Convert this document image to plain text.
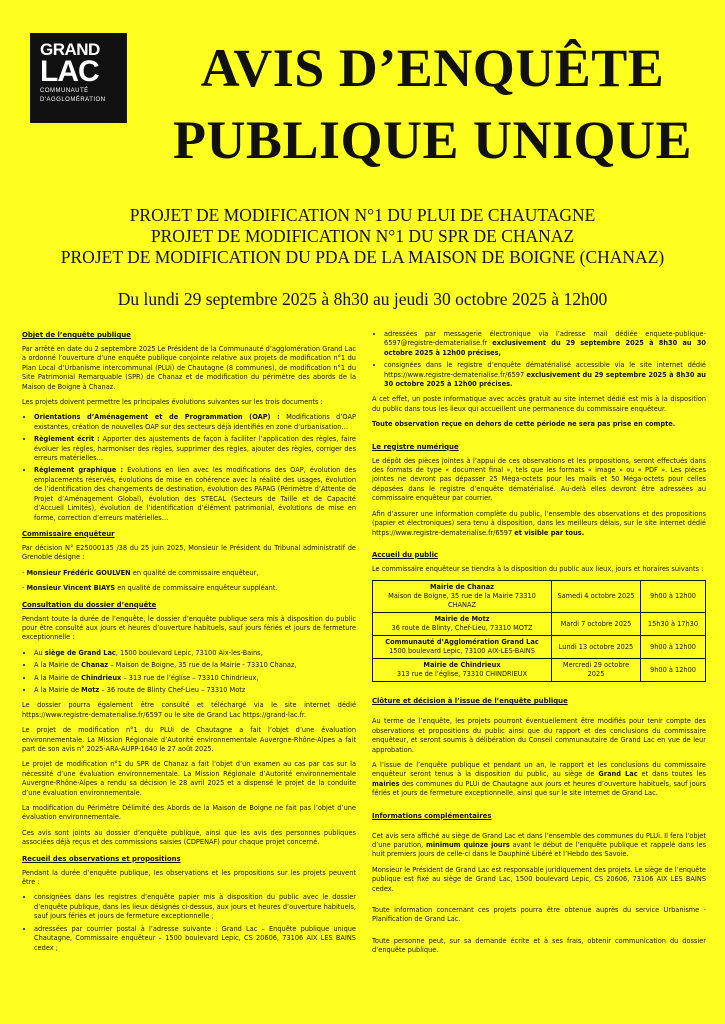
GRAND
LAC
COMMUNAUTÉ
D'AGGLOMÉRATION
AVIS D’ENQUÊTE
PUBLIQUE UNIQUE
PROJET DE MODIFICATION N°1 DU PLUI DE CHAUTAGNE
PROJET DE MODIFICATION N°1 DU SPR DE CHANAZ
PROJET DE MODIFICATION DU PDA DE LA MAISON DE BOIGNE (CHANAZ)
Du lundi 29 septembre 2025 à 8h30 au jeudi 30 octobre 2025 à 12h00
Objet de l’enquête publique

Par arrêté en date du 2 septembre 2025 Le Président de la Communauté d’agglomération Grand Lac a ordonné l’ouverture d’une enquête publique conjointe relative aux projets de modification n°1 du Plan Local d’Urbanisme intercommunal (PLUi) de Chautagne (8 communes), de modification n°1 du Site Patrimonial Remarquable (SPR) de Chanaz et de modification du périmètre des abords de la Maison de Boigne à Chanaz.

Les projets doivent permettre les principales évolutions suivantes sur les trois documents :

• Orientations d’Aménagement et de Programmation (OAP) : Modifications d’OAP existantes, création de nouvelles OAP sur des secteurs déjà identifiés en zone d’urbanisation…
• Règlement écrit : Apporter des ajustements de façon à faciliter l’application des règles, faire évoluer les règles, harmoniser des règles, supprimer des règles, ajouter des règles, corriger des erreurs matérielles…
• Règlement graphique : Évolutions en lien avec les modifications des OAP, évolution des emplacements réservés, évolutions de mise en cohérence avec la réalité des usages, évolution de l’identification des changements de destination, évolution des PAPAG (Périmètre d’Attente de Projet d’Aménagement Global), évolution des STECAL (Secteurs de Taille et de Capacité d’Accueil Limités), évolution de l’identification d’élément patrimonial, évolutions de mise en forme, correction d’erreurs matérielles…
Commissaire enquêteur

Par décision N° E25000135 /38 du 25 juin 2025, Monsieur le Président du Tribunal administratif de Grenoble désigne :

- Monsieur Frédéric GOULVEN en qualité de commissaire enquêteur,

- Monsieur Vincent BIAYS en qualité de commissaire enquêteur suppléant.

Consultation du dossier d’enquête

Pendant toute la durée de l’enquête, le dossier d’enquête publique sera mis à disposition du public pour être consulté aux jours et heures d’ouverture habituels, sauf jours fériés et jours de fermeture exceptionnelle :

• Au siège de Grand Lac, 1500 boulevard Lepic, 73100 Aix-les-Bains,
• A la Mairie de Chanaz – Maison de Boigne, 35 rue de la Mairie - 73310 Chanaz,
• A la Mairie de Chindrieux – 313 rue de l’église – 73310 Chindrieux,
• A la Mairie de Motz – 36 route de Blinty Chef-Lieu – 73310 Motz

Le dossier pourra également être consulté et téléchargé via le site internet dédié https://www.registre-dematerialise.fr/6597 ou le site de Grand Lac https://grand-lac.fr.

Le projet de modification n°1 du PLUi de Chautagne a fait l’objet d’une évaluation environnementale. La Mission Régionale d’Autorité environnementale Auvergne-Rhône-Alpes a fait part de son avis n° 2025-ARA-AUPP-1640 le 27 août 2025.

Le projet de modification n°1 du SPR de Chanaz a fait l’objet d’un examen au cas par cas sur la nécessité d’une évaluation environnementale. La Mission Régionale d’Autorité environnementale Auvergne-Rhône-Alpes a rendu sa décision le 28 avril 2025 et a dispensé le projet de la conduite d’une évaluation environnementale.

La modification du Périmètre Délimité des Abords de la Maison de Boigne ne fait pas l’objet d’une évaluation environnementale.

Ces avis sont joints au dossier d’enquête publique, ainsi que les avis des personnes publiques associées déjà reçus et des commissions saisies (CDPENAF) pour chaque projet concerné.

Recueil des observations et propositions

Pendant la durée d’enquête publique, les observations et les propositions sur les projets peuvent être :

• consignées dans les registres d’enquête papier mis à disposition du public avec le dossier d’enquête publique, dans les lieux désignés ci-dessus, aux jours et heures d’ouverture habituels, sauf jours fériés et jours de fermeture exceptionnelle ;
• adressées par courrier postal à l’adresse suivante : Grand Lac – Enquête publique unique Chautagne, Commissaire enquêteur – 1500 boulevard Lepic, CS 20606, 73106 AIX LES BAINS cedex ;
• adressées par messagerie électronique via l’adresse mail dédiée enquete-publique-6597@registre-dematerialise.fr exclusivement du 29 septembre 2025 à 8h30 au 30 octobre 2025 à 12h00 précises,
• consignées dans le registre d’enquête dématérialisé accessible via le site internet dédié https://www.registre-dematerialise.fr/6597 exclusivement du 29 septembre 2025 à 8h30 au 30 octobre 2025 à 12h00 précises.

A cet effet, un poste informatique avec accès gratuit au site internet dédié est mis à la disposition du public dans tous les lieux qui accueillent une permanence du commissaire enquêteur.

Toute observation reçue en dehors de cette période ne sera pas prise en compte.

Le registre numérique

Le dépôt des pièces jointes à l’appui de ces observations et les propositions, seront effectués dans des formats de type « document final », tels que les formats « image » ou « PDF ». Les pièces jointes ne devront pas dépasser 25 Méga-octets pour les mails et 50 Méga-octets pour celles déposées dans le registre d’enquête dématérialisé. Au-delà elles devront être adressées au commissaire enquêteur par courrier.

Afin d’assurer une information complète du public, l’ensemble des observations et des propositions (papier et électroniques) sera tenu à disposition, dans les meilleurs délais, sur le site internet dédié https://www.registre-dematerialise.fr/6597 et visible par tous.

Accueil du public

Le commissaire enquêteur se tiendra à la disposition du public aux lieux, jours et horaires suivants :

Mairie de Chanaz
Maison de Boigne, 35 rue de la Mairie 73310 CHANAZ	Samedi 4 octobre 2025	9h00 à 12h00

Mairie de Motz
36 route de Blinty, Chef-Lieu, 73310 MOTZ	Mardi 7 octobre 2025	15h30 à 17h30

Communauté d’Agglomération Grand Lac
1500 boulevard Lepic, 73100 AIX-LES-BAINS	Lundi 13 octobre 2025	9h00 à 12h00

Mairie de Chindrieux
313 rue de l’église, 73310 CHINDRIEUX	Mercredi 29 octobre 2025	9h00 à 12h00
Clôture et décision à l’issue de l’enquête publique

Au terme de l’enquête, les projets pourront éventuellement être modifiés pour tenir compte des observations et propositions du public ainsi que du rapport et des conclusions du commissaire enquêteur, et seront soumis à délibération du Conseil communautaire de Grand Lac en vue de leur approbation.

A l’issue de l’enquête publique et pendant un an, le rapport et les conclusions du commissaire enquêteur seront tenus à la disposition du public, au siège de Grand Lac et dans toutes les mairies des communes du PLUi de Chautagne aux jours et heures d’ouverture habituels, sauf jours fériés et jours de fermeture exceptionnelle, ainsi que sur le site internet de Grand Lac.

Informations complémentaires

Cet avis sera affiché au siège de Grand Lac et dans l’ensemble des communes du PLUi. Il fera l’objet d’une parution, minimum quinze jours avant le début de l’enquête publique et rappelé dans les huit premiers jours de celle-ci dans le Dauphiné Libéré et l’Hebdo des Savoie.

Monsieur le Président de Grand Lac est responsable juridiquement des projets. Le siège de l’enquête publique est fixé au siège de Grand Lac, 1500 boulevard Lepic, CS 20606, 73106 AIX LES BAINS cedex.

Toute information concernant ces projets pourra être obtenue auprès du service Urbanisme - Planification de Grand Lac.

Toute personne peut, sur sa demande écrite et à ses frais, obtenir communication du dossier d’enquête publique.
